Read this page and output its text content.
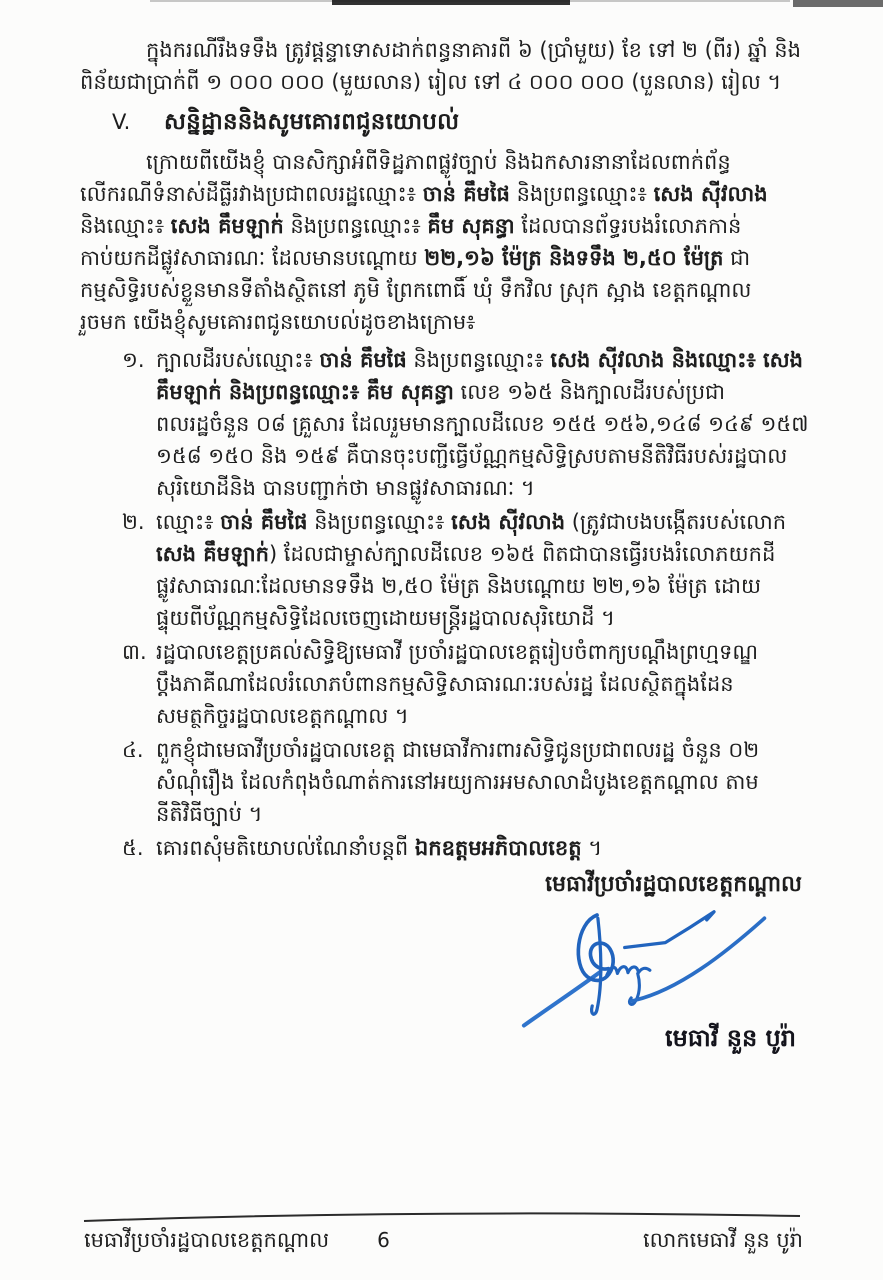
ក្នុងករណីរឹងទទឹង ត្រូវផ្តន្ទាទោសដាក់ពន្ធនាគារពី ៦ (ប្រាំមួយ) ខែ ទៅ ២ (ពីរ) ឆ្នាំ និង
ពិន័យជាប្រាក់ពី ១ ០០០ ០០០ (មួយលាន) រៀល ទៅ ៤ ០០០ ០០០ (បួនលាន) រៀល ។
V.	សន្និដ្ឋាននិងសូមគោរពជូនយោបល់
ក្រោយពីយើងខ្ញុំ បានសិក្សាអំពីទិដ្ឋភាពផ្លូវច្បាប់ និងឯកសារនានាដែលពាក់ព័ន្ធ
លើករណីទំនាស់ដីធ្លីរវាងប្រជាពលរដ្ឋឈ្មោះ៖ ចាន់ គឹមផៃ និងប្រពន្ធឈ្មោះ៖ សេង ស៊ីវលាង
និងឈ្មោះ៖ សេង គឹមឡាក់ និងប្រពន្ធឈ្មោះ៖ គឹម សុគន្ធា ដែលបានព័ទ្ធរបងរំលោភកាន់
កាប់យកដីផ្លូវសាធារណៈ ដែលមានបណ្តោយ ២២,១៦ ម៉ែត្រ និងទទឹង ២,៥០ ម៉ែត្រ ជា
កម្មសិទ្ធិរបស់ខ្លួនមានទីតាំងស្ថិតនៅ ភូមិ ព្រែកពោធិ៍ ឃុំ ទឹកវិល ស្រុក ស្អាង ខេត្តកណ្តាល
រួចមក យើងខ្ញុំសូមគោរពជូនយោបល់ដូចខាងក្រោម៖
១. ក្បាលដីរបស់ឈ្មោះ៖ ចាន់ គឹមផៃ និងប្រពន្ធឈ្មោះ៖ សេង ស៊ីវលាង និងឈ្មោះ៖ សេង
គឹមឡាក់ និងប្រពន្ធឈ្មោះ៖ គឹម សុគន្ធា លេខ ១៦៥ និងក្បាលដីរបស់ប្រជា
ពលរដ្ឋចំនួន ០៨ គ្រួសារ ដែលរួមមានក្បាលដីលេខ ១៥៥ ១៥៦,១៤៨ ១៤៩ ១៥៧
១៥៨ ១៥០ និង ១៥៩ គឺបានចុះបញ្ជីធ្វើប័ណ្ណកម្មសិទ្ធិស្របតាមនីតិវិធីរបស់រដ្ឋបាល
សុរិយោដីនិង បានបញ្ជាក់ថា មានផ្លូវសាធារណៈ ។
២. ឈ្មោះ៖ ចាន់ គឹមផៃ និងប្រពន្ធឈ្មោះ៖ សេង ស៊ីវលាង (ត្រូវជាបងបង្កើតរបស់លោក
សេង គឹមឡាក់) ដែលជាម្ចាស់ក្បាលដីលេខ ១៦៥ ពិតជាបានធ្វើរបងរំលោភយកដី
ផ្លូវសាធារណៈដែលមានទទឹង ២,៥០ ម៉ែត្រ និងបណ្តោយ ២២,១៦ ម៉ែត្រ ដោយ
ផ្ទុយពីប័ណ្ណកម្មសិទ្ធិដែលចេញដោយមន្ត្រីរដ្ឋបាលសុរិយោដី ។
៣. រដ្ឋបាលខេត្តប្រគល់សិទ្ធិឱ្យមេធាវី ប្រចាំរដ្ឋបាលខេត្តរៀបចំពាក្យបណ្តឹងព្រហ្មទណ្ឌ
ប្តឹងភាគីណាដែលរំលោភបំពានកម្មសិទ្ធិសាធារណៈរបស់រដ្ឋ ដែលស្ថិតក្នុងដែន
សមត្ថកិច្ចរដ្ឋបាលខេត្តកណ្តាល ។
៤. ពួកខ្ញុំជាមេធាវីប្រចាំរដ្ឋបាលខេត្ត ជាមេធាវីការពារសិទ្ធិជូនប្រជាពលរដ្ឋ ចំនួន ០២
សំណុំរឿង ដែលកំពុងចំណាត់ការនៅអយ្យការអមសាលាដំបូងខេត្តកណ្តាល តាម
នីតិវិធីច្បាប់ ។
៥. គោរពសុំមតិយោបល់ណែនាំបន្តពី ឯកឧត្តមអភិបាលខេត្ត ។
មេធាវីប្រចាំរដ្ឋបាលខេត្តកណ្តាល
មេធាវី នួន បូរ៉ា
មេធាវីប្រចាំរដ្ឋបាលខេត្តកណ្តាល	6	លោកមេធាវី នួន បូរ៉ា
